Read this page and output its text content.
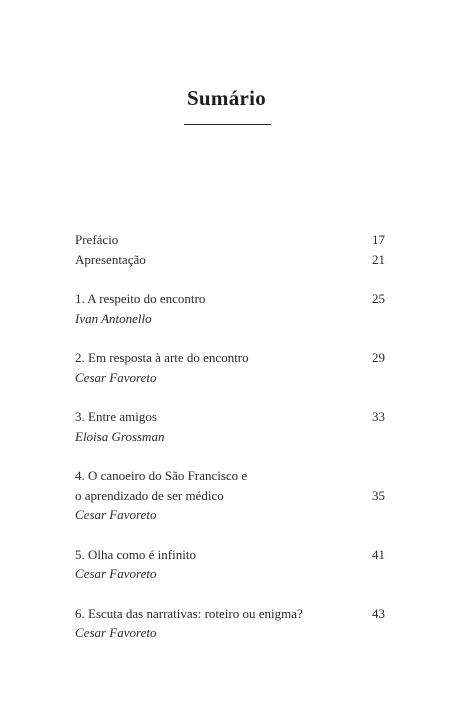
Sumário
Prefácio	17
Apresentação	21
1. A respeito do encontro
Ivan Antonello
25
2. Em resposta à arte do encontro
Cesar Favoreto
29
3. Entre amigos
Eloisa Grossman
33
4. O canoeiro do São Francisco e
o aprendizado de ser médico
Cesar Favoreto
35
5. Olha como é infinito
Cesar Favoreto
41
6. Escuta das narrativas: roteiro ou enigma?
Cesar Favoreto
43
